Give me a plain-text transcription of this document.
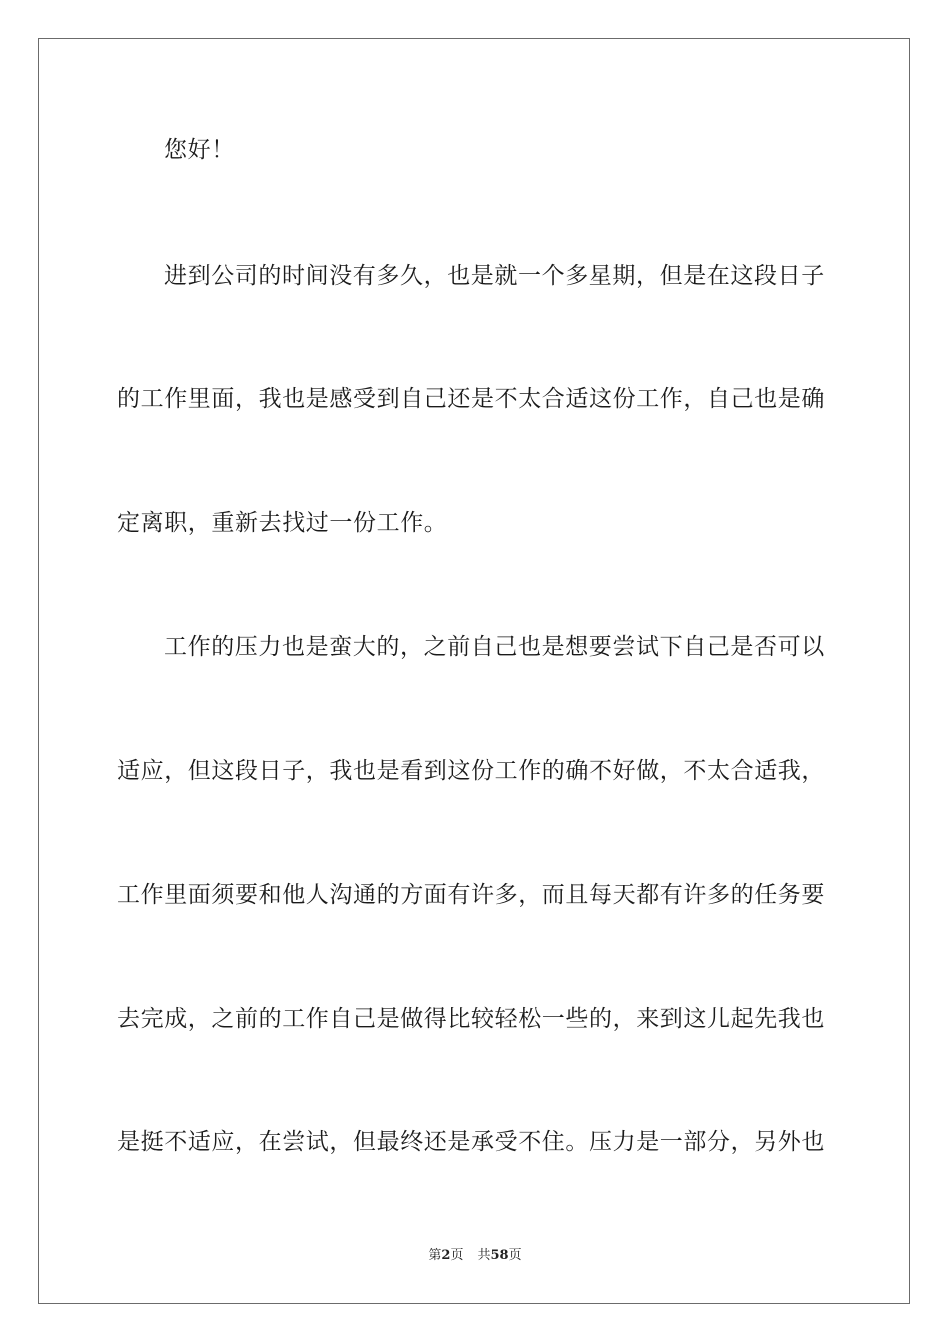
您好！
进到公司的时间没有多久，也是就一个多星期，但是在这段日子
的工作里面，我也是感受到自己还是不太合适这份工作，自己也是确
定离职，重新去找过一份工作。
工作的压力也是蛮大的，之前自己也是想要尝试下自己是否可以
适应，但这段日子，我也是看到这份工作的确不好做，不太合适我，
工作里面须要和他人沟通的方面有许多，而且每天都有许多的任务要
去完成，之前的工作自己是做得比较轻松一些的，来到这儿起先我也
是挺不适应，在尝试，但最终还是承受不住。压力是一部分，另外也
第2页 共58页
